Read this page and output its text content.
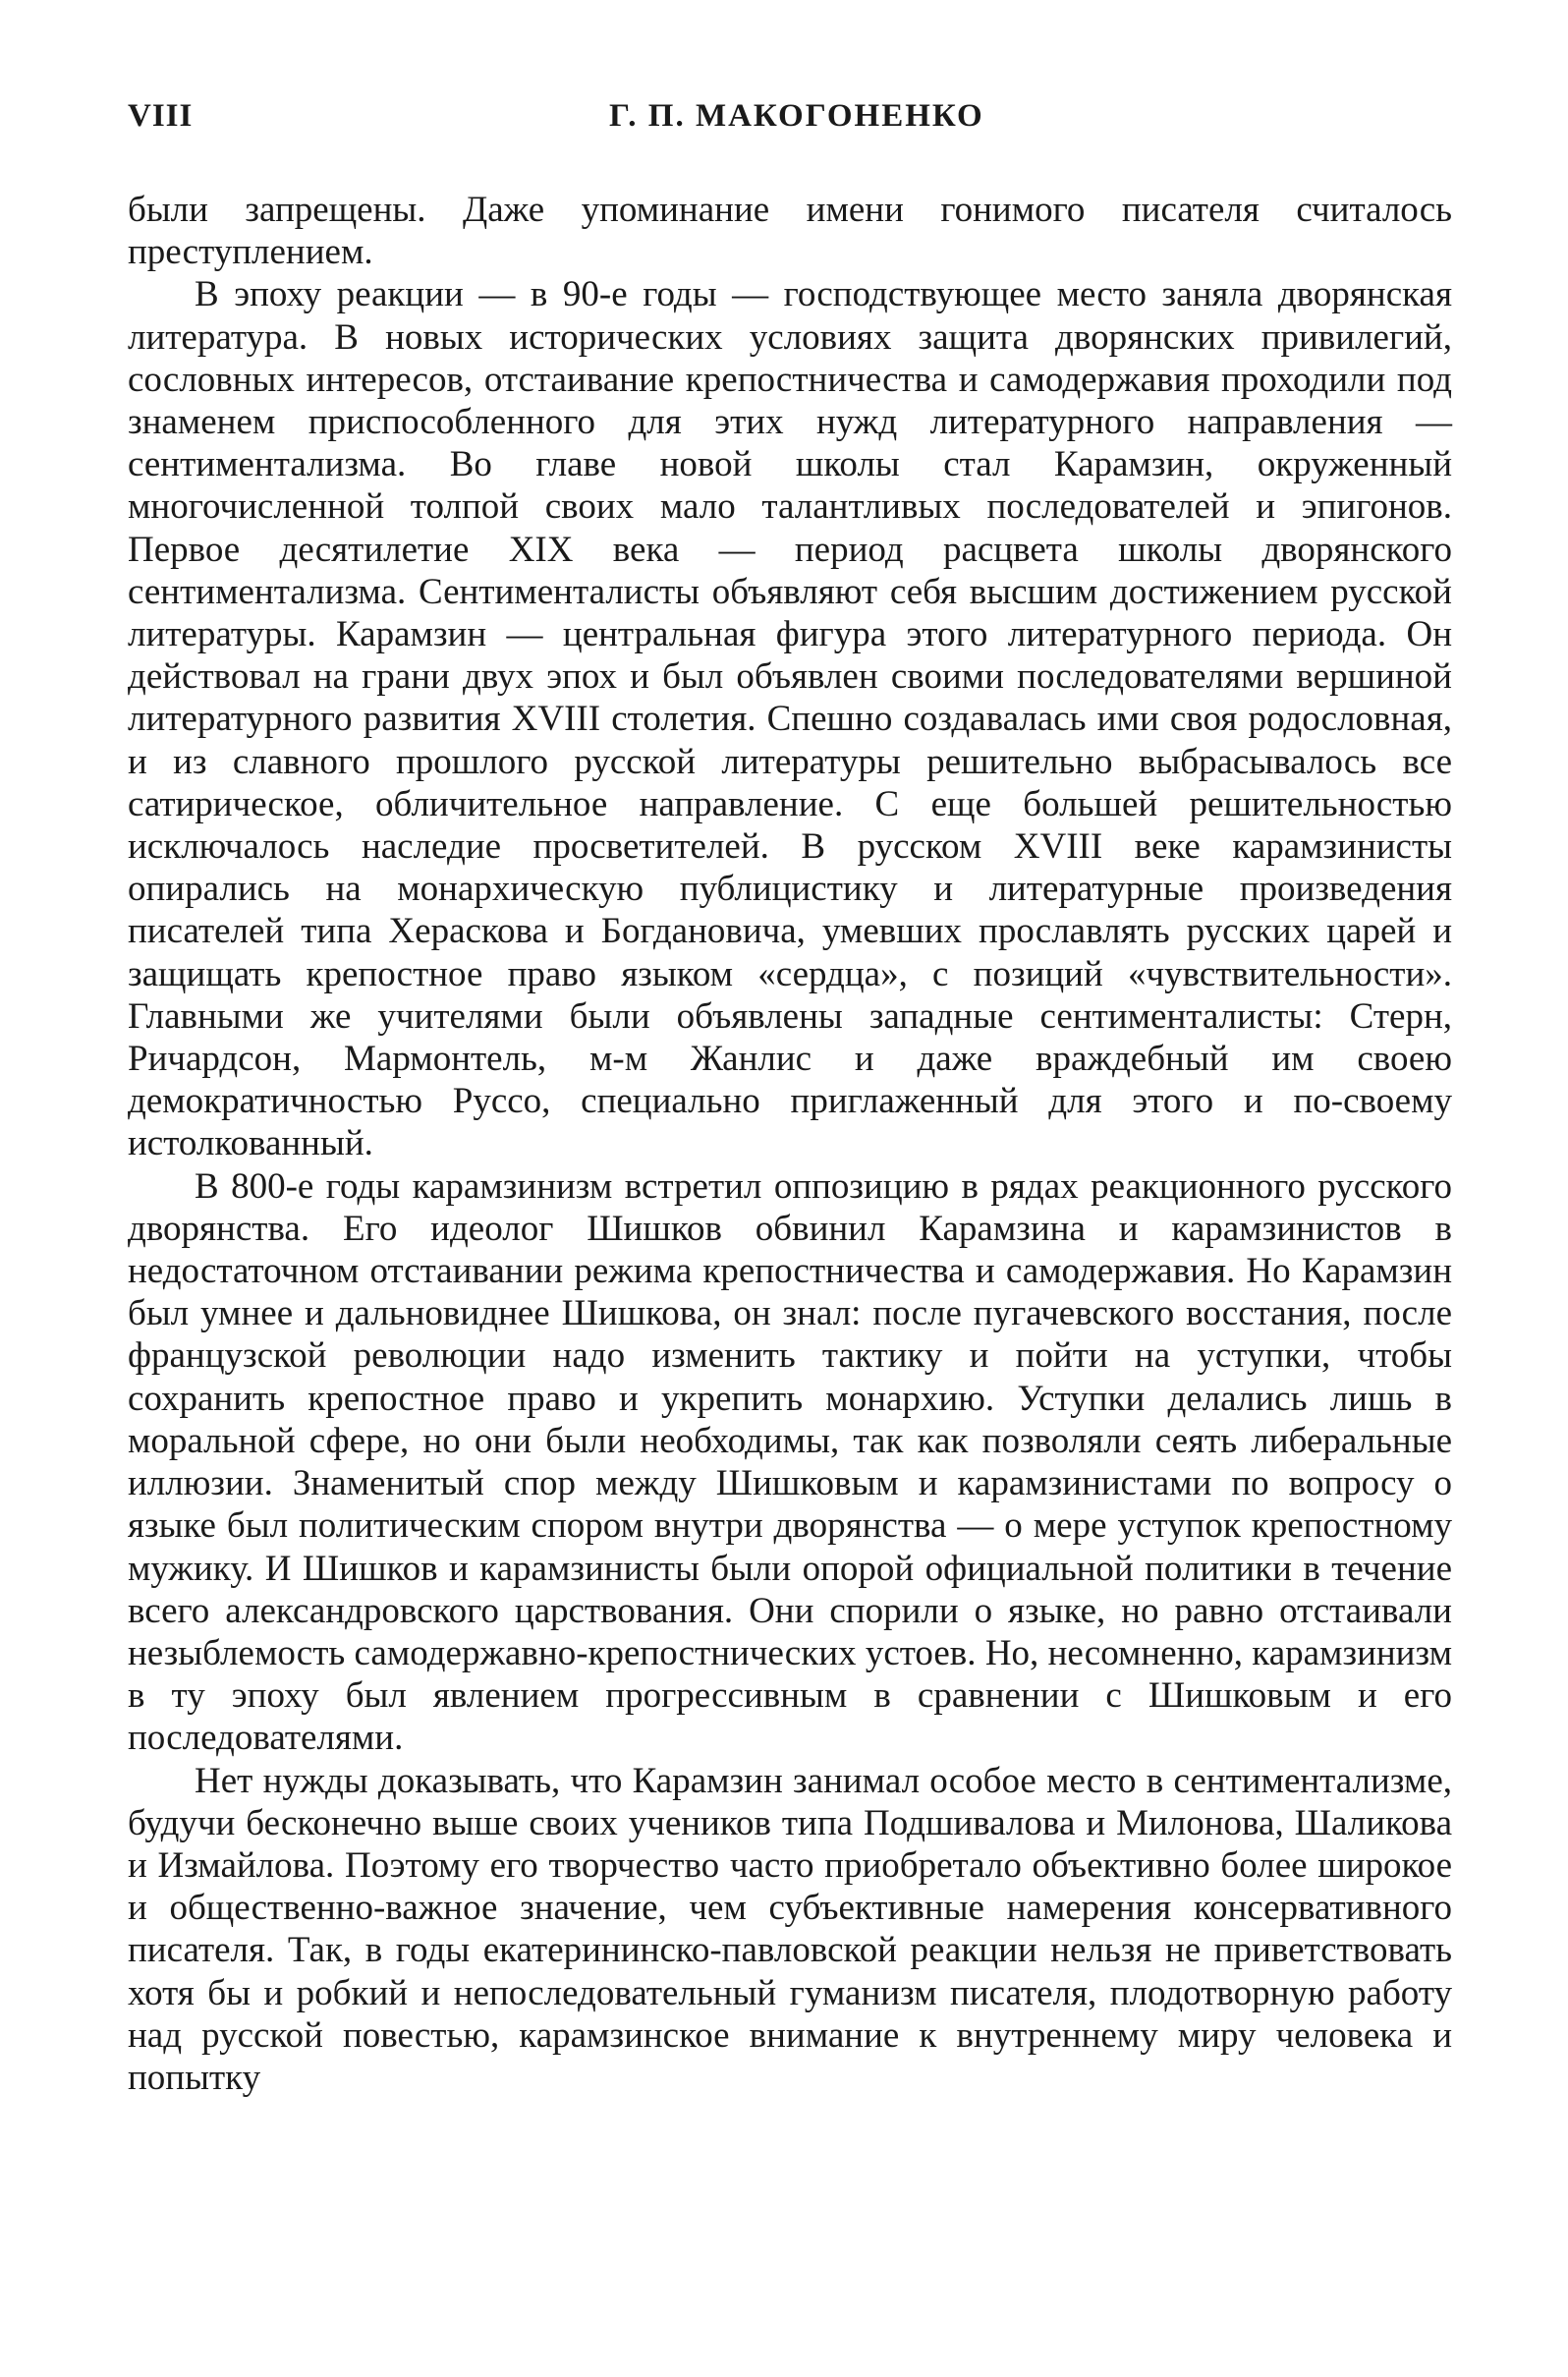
VIII	Г. П. МАКОГОНЕНКО

были запрещены. Даже упоминание имени гонимого писателя считалось преступлением.

В эпоху реакции — в 90-е годы — господствующее место заняла дворянская литература. В новых исторических условиях защита дворянских привилегий, сословных интересов, отстаивание крепостничества и самодержавия проходили под знаменем приспособленного для этих нужд литературного направления — сентиментализма. Во главе новой школы стал Карамзин, окруженный многочисленной толпой своих мало талантливых последователей и эпигонов. Первое десятилетие XIX века — период расцвета школы дворянского сентиментализма. Сентименталисты объявляют себя высшим достижением русской литературы. Карамзин — центральная фигура этого литературного периода. Он действовал на грани двух эпох и был объявлен своими последователями вершиной литературного развития XVIII столетия. Спешно создавалась ими своя родословная, и из славного прошлого русской литературы решительно выбрасывалось все сатирическое, обличительное направление. С еще большей решительностью исключалось наследие просветителей. В русском XVIII веке карамзинисты опирались на монархическую публицистику и литературные произведения писателей типа Хераскова и Богдановича, умевших прославлять русских царей и защищать крепостное право языком «сердца», с позиций «чувствительности». Главными же учителями были объявлены западные сентименталисты: Стерн, Ричардсон, Мармонтель, м-м Жанлис и даже враждебный им своею демократичностью Руссо, специально приглаженный для этого и по-своему истолкованный.

В 800-е годы карамзинизм встретил оппозицию в рядах реакционного русского дворянства. Его идеолог Шишков обвинил Карамзина и карамзинистов в недостаточном отстаивании режима крепостничества и самодержавия. Но Карамзин был умнее и дальновиднее Шишкова, он знал: после пугачевского восстания, после французской революции надо изменить тактику и пойти на уступки, чтобы сохранить крепостное право и укрепить монархию. Уступки делались лишь в моральной сфере, но они были необходимы, так как позволяли сеять либеральные иллюзии. Знаменитый спор между Шишковым и карамзинистами по вопросу о языке был политическим спором внутри дворянства — о мере уступок крепостному мужику. И Шишков и карамзинисты были опорой официальной политики в течение всего александровского царствования. Они спорили о языке, но равно отстаивали незыблемость самодержавно-крепостнических устоев. Но, несомненно, карамзинизм в ту эпоху был явлением прогрессивным в сравнении с Шишковым и его последователями.

Нет нужды доказывать, что Карамзин занимал особое место в сентиментализме, будучи бесконечно выше своих учеников типа Подшивалова и Милонова, Шаликова и Измайлова. Поэтому его творчество часто приобретало объективно более широкое и общественно-важное значение, чем субъективные намерения консервативного писателя. Так, в годы екатерининско-павловской реакции нельзя не приветствовать хотя бы и робкий и непоследовательный гуманизм писателя, плодотворную работу над русской повестью, карамзинское внимание к внутреннему миру человека и попытку
